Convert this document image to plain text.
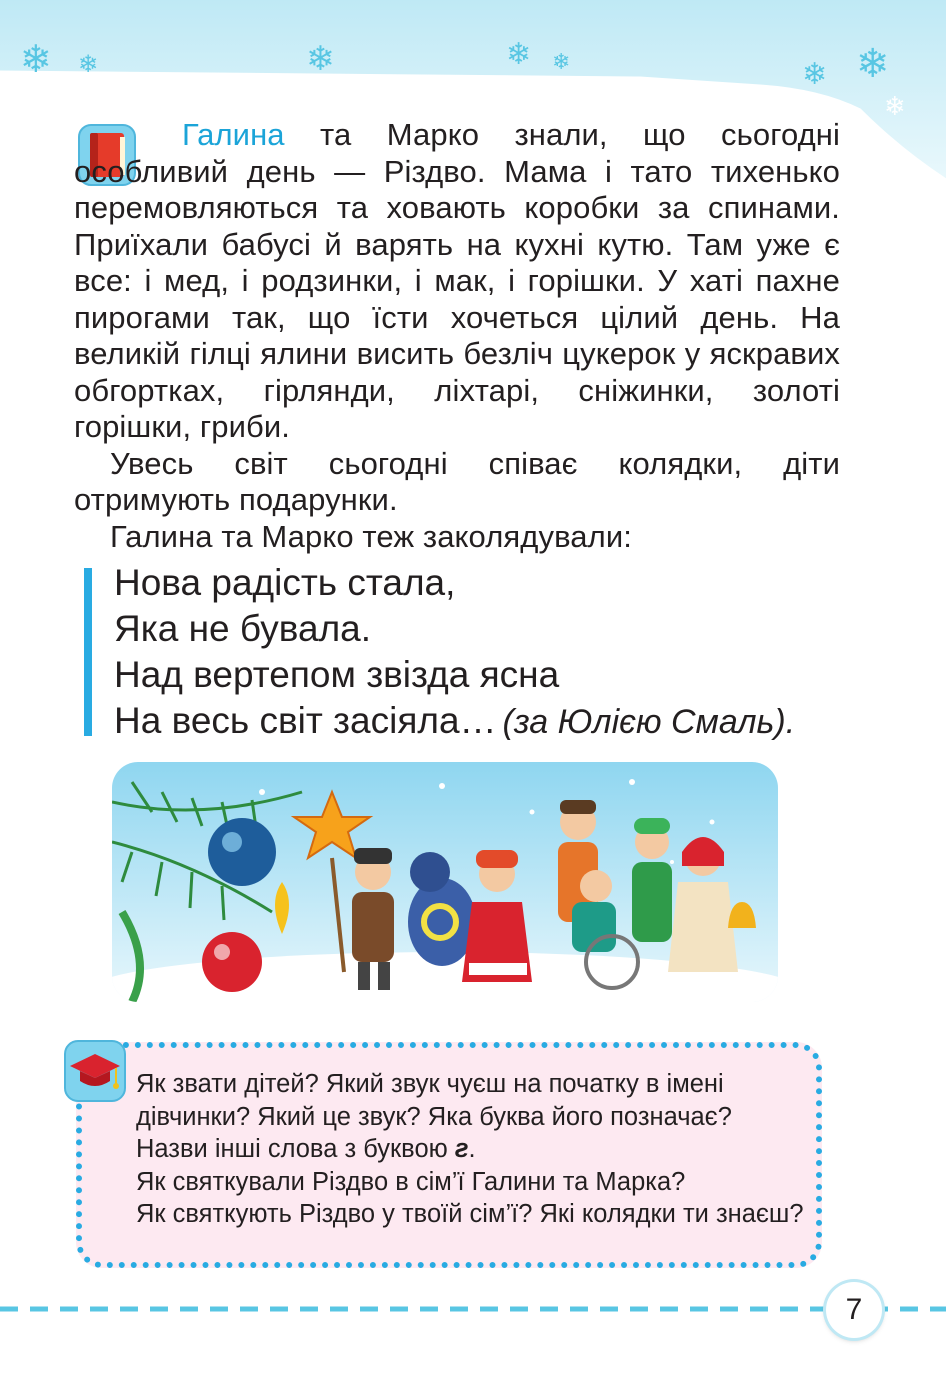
❄ ❄	❄	❄ ❄	❄ ❄
❄

Галина та Марко знали, що сьогодні особливий день — Різдво. Мама і тато тихенько перемовляються та ховають коробки за спинами. Приїхали бабусі й варять на кухні кутю. Там уже є все: і мед, і родзинки, і мак, і горішки. У хаті пахне пирогами так, що їсти хочеться цілий день. На великій гілці ялини висить безліч цукерок у яскравих обгортках, гірлянди, ліхтарі, сніжинки, золоті горішки, гриби.

Увесь світ сьогодні співає колядки, діти отримують подарунки.

Галина та Марко теж заколядували:

Нова радість стала,
Яка не бувала.
Над вертепом звізда ясна
На весь світ засіяла… (за Юлією Смаль).

Як звати дітей? Який звук чуєш на початку в імені дівчинки? Який це звук? Яка буква його позначає?

Назви інші слова з буквою г.

Як святкували Різдво в сім’ї Галини та Марка?

Як святкують Різдво у твоїй сім’ї? Які колядки ти знаєш?

7
